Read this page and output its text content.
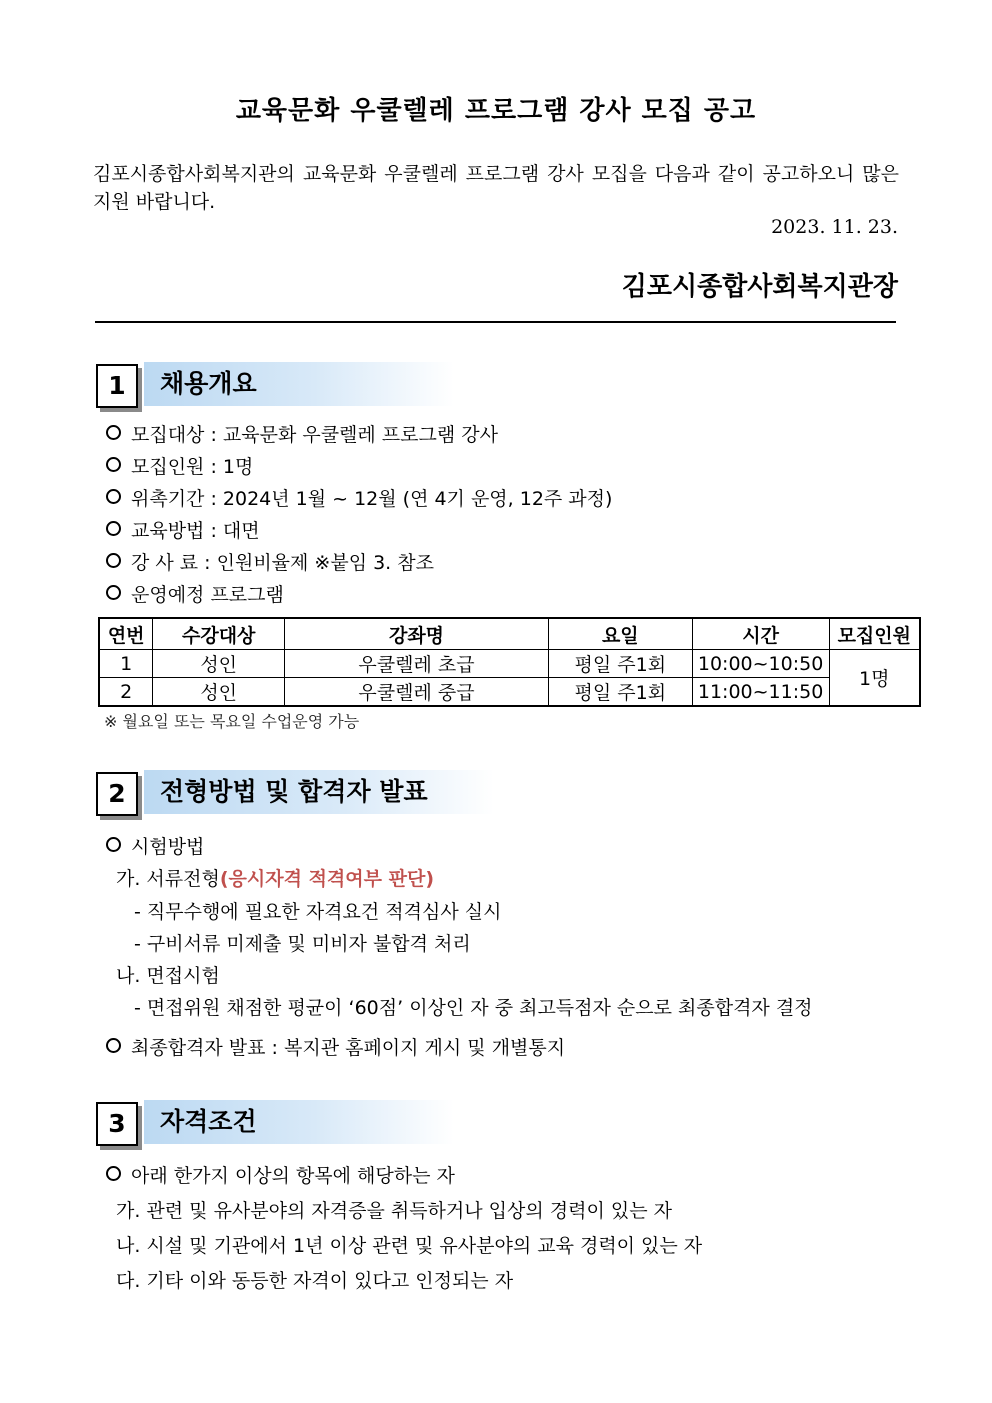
교육문화 우쿨렐레 프로그램 강사 모집 공고
김포시종합사회복지관의 교육문화 우쿨렐레 프로그램 강사 모집을 다음과 같이 공고하오니 많은 지원 바랍니다.
2023. 11. 23.
김포시종합사회복지관장
1	채용개요
모집대상 : 교육문화 우쿨렐레 프로그램 강사
모집인원 : 1명
위촉기간 : 2024년 1월 ~ 12월 (연 4기 운영, 12주 과정)
교육방법 : 대면
강 사 료 : 인원비율제 ※붙임 3. 참조
운영예정 프로그램
연번	수강대상	강좌명	요일	시간	모집인원
1	성인	우쿨렐레 초급	평일 주1회	10:00~10:50	1명
2	성인	우쿨렐레 중급	평일 주1회	11:00~11:50	
※ 월요일 또는 목요일 수업운영 가능
2	전형방법 및 합격자 발표
시험방법
가. 서류전형(응시자격 적격여부 판단)
- 직무수행에 필요한 자격요건 적격심사 실시
- 구비서류 미제출 및 미비자 불합격 처리
나. 면접시험
- 면접위원 채점한 평균이 ‘60점’ 이상인 자 중 최고득점자 순으로 최종합격자 결정
최종합격자 발표 : 복지관 홈페이지 게시 및 개별통지
3	자격조건
아래 한가지 이상의 항목에 해당하는 자
가. 관련 및 유사분야의 자격증을 취득하거나 입상의 경력이 있는 자
나. 시설 및 기관에서 1년 이상 관련 및 유사분야의 교육 경력이 있는 자
다. 기타 이와 동등한 자격이 있다고 인정되는 자
